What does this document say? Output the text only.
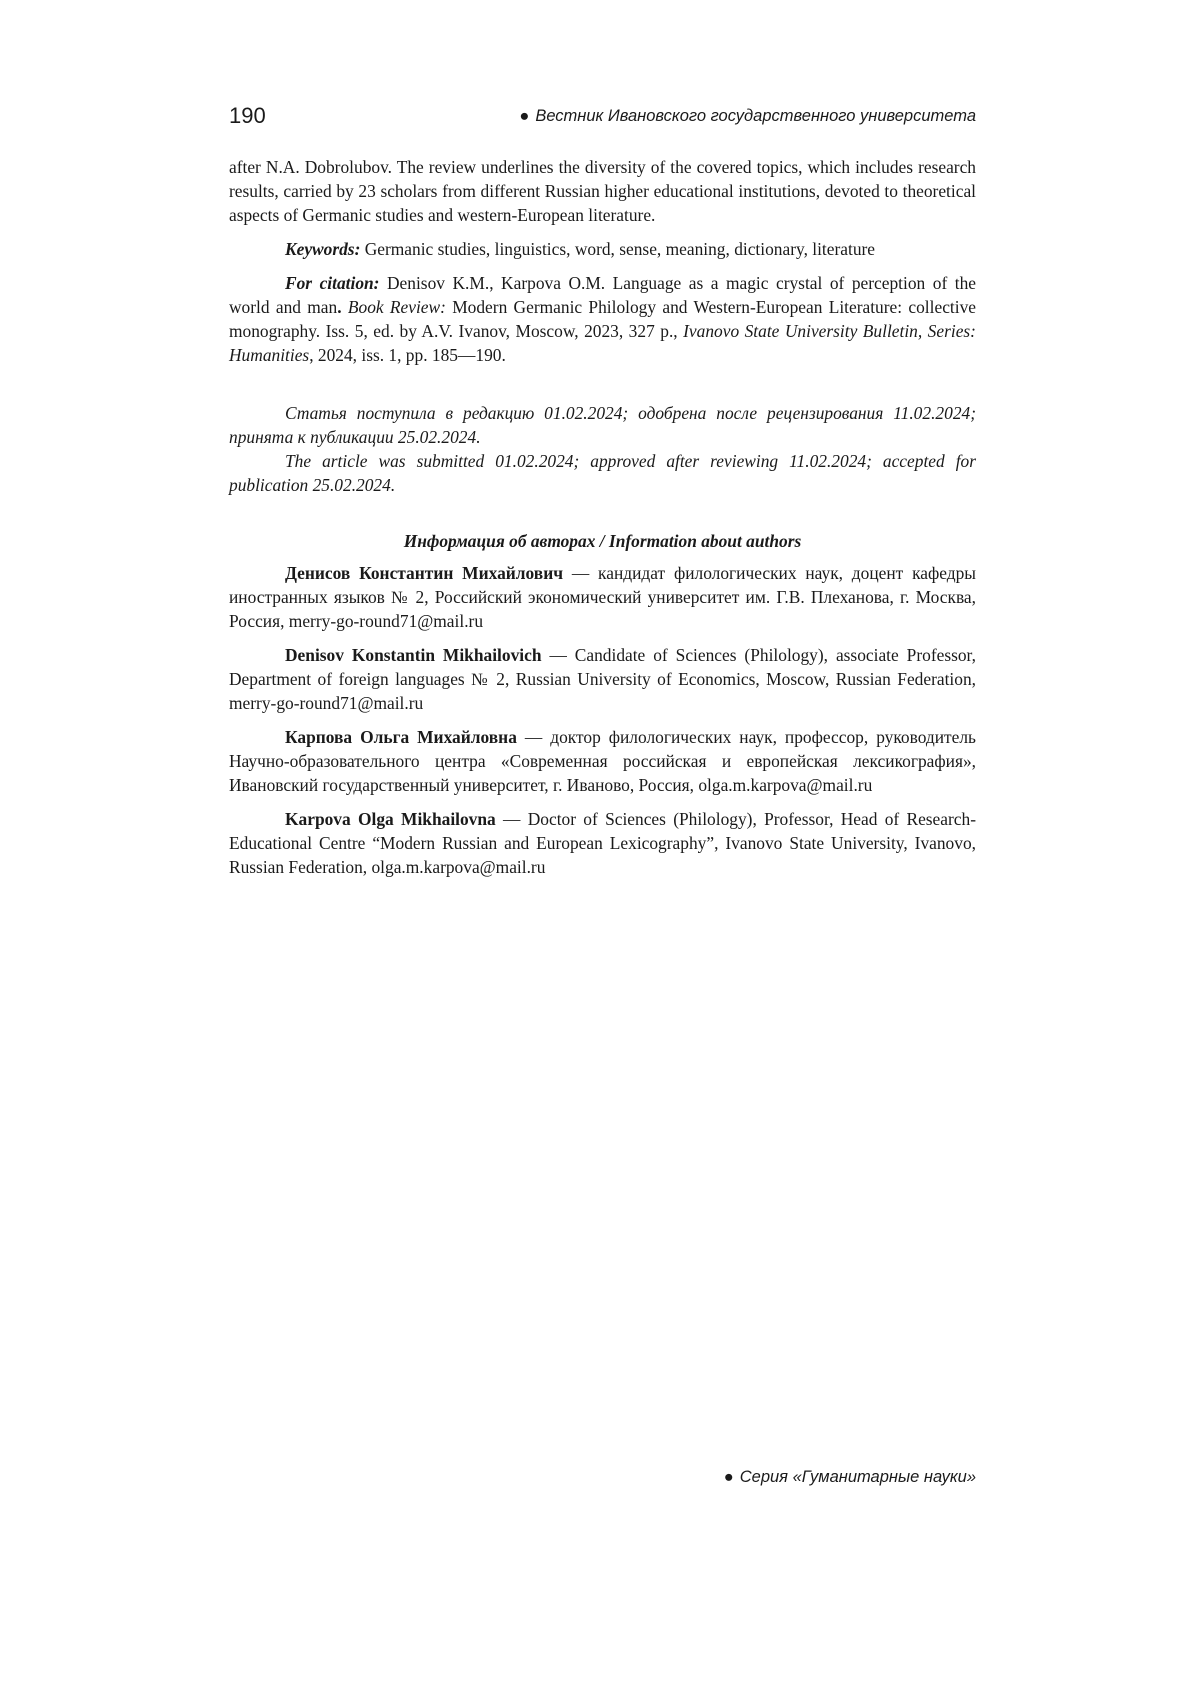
190	● Вестник Ивановского государственного университета

after N.A. Dobrolubov. The review underlines the diversity of the covered topics, which includes research results, carried by 23 scholars from different Russian higher educational institutions, devoted to theoretical aspects of Germanic studies and western-European literature.

Keywords: Germanic studies, linguistics, word, sense, meaning, dictionary, literature

For citation: Denisov K.M., Karpova O.M. Language as a magic crystal of perception of the world and man. Book Review: Modern Germanic Philology and Western-European Literature: collective monography. Iss. 5, ed. by A.V. Ivanov, Moscow, 2023, 327 p., Ivanovo State University Bulletin, Series: Humanities, 2024, iss. 1, pp. 185—190.

Статья поступила в редакцию 01.02.2024; одобрена после рецензирования 11.02.2024; принята к публикации 25.02.2024.

The article was submitted 01.02.2024; approved after reviewing 11.02.2024; accepted for publication 25.02.2024.

Информация об авторах / Information about authors

Денисов Константин Михайлович — кандидат филологических наук, доцент кафедры иностранных языков № 2, Российский экономический университет им. Г.В. Плеханова, г. Москва, Россия, merry-go-round71@mail.ru

Denisov Konstantin Mikhailovich — Candidate of Sciences (Philology), associate Professor, Department of foreign languages № 2, Russian University of Economics, Moscow, Russian Federation, merry-go-round71@mail.ru

Карпова Ольга Михайловна — доктор филологических наук, профессор, руководитель Научно-образовательного центра «Современная российская и европейская лексикография», Ивановский государственный университет, г. Иваново, Россия, olga.m.karpova@mail.ru

Karpova Olga Mikhailovna — Doctor of Sciences (Philology), Professor, Head of Research-Educational Centre “Modern Russian and European Lexicography”, Ivanovo State University, Ivanovo, Russian Federation, olga.m.karpova@mail.ru

● Серия «Гуманитарные науки»
